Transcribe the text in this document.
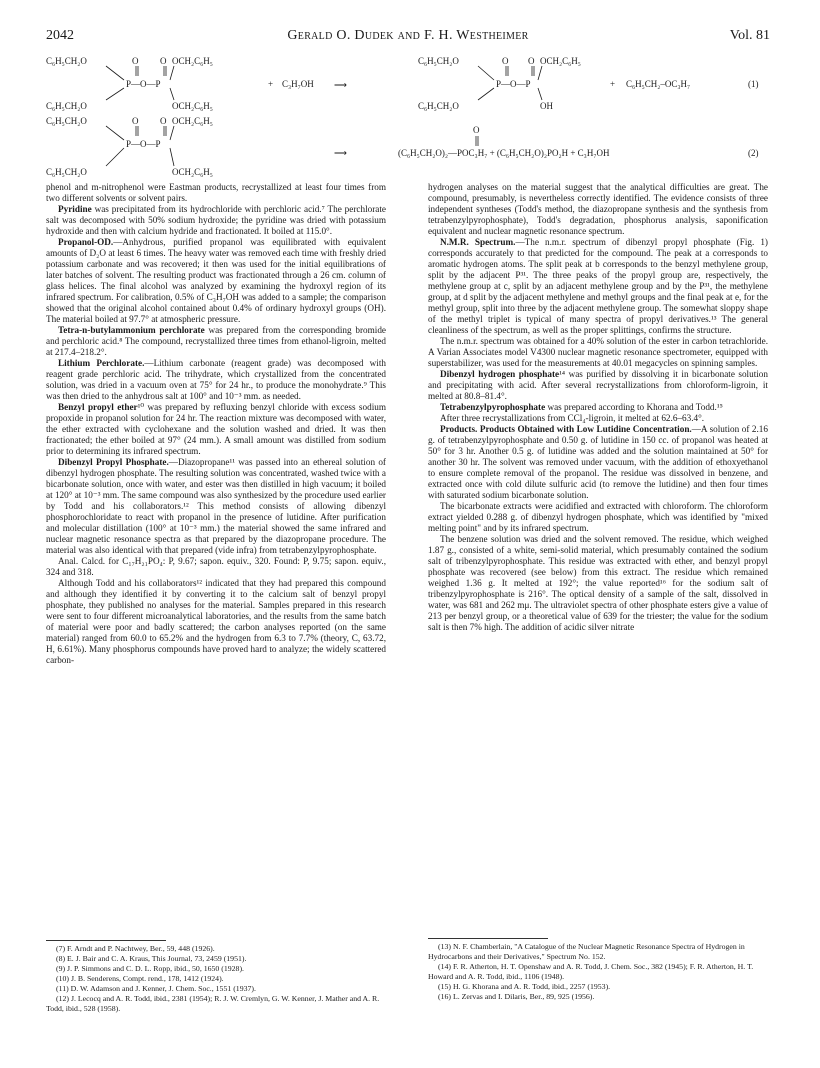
2042	Gerald O. Dudek and F. H. Westheimer	Vol. 81
C₆H₅CH₂O	O O OCH₂C₆H₅
P—O—P
C₆H₅CH₂O	OCH₂C₆H₅
+ C₃H₇OH ⟶
C₆H₅CH₂O	O O OCH₂C₆H₅
P—O—P
C₆H₅CH₂O	OH
+ C₆H₅CH₂–OC₃H₇	(1)
C₆H₅CH₂O	O O OCH₂C₆H₅
P—O—P
C₆H₅CH₂O	OCH₂C₆H₅
⟶
O
(C₆H₅CH₂O)₂—POC₃H₇ + (C₆H₅CH₂O)₂PO₂H + C₃H₇OH	(2)

phenol and m-nitrophenol were Eastman products, recrystallized at least four times from two different solvents or solvent pairs.

Pyridine was precipitated from its hydrochloride with perchloric acid.⁷ The perchlorate salt was decomposed with 50% sodium hydroxide; the pyridine was dried with potassium hydroxide and then with calcium hydride and fractionated. It boiled at 115.0°.

Propanol-OD.—Anhydrous, purified propanol was equilibrated with equivalent amounts of D₂O at least 6 times. The heavy water was removed each time with freshly dried potassium carbonate and was recovered; it then was used for the initial equilibrations of later batches of solvent. The resulting product was fractionated through a 26 cm. column of glass helices. The final alcohol was analyzed by examining the hydroxyl region of its infrared spectrum. For calibration, 0.5% of C₃H₇OH was added to a sample; the comparison showed that the original alcohol contained about 0.4% of ordinary hydroxyl groups (OH). The material boiled at 97.7° at atmospheric pressure.

Tetra-n-butylammonium perchlorate was prepared from the corresponding bromide and perchloric acid.⁸ The compound, recrystallized three times from ethanol-ligroin, melted at 217.4–218.2°.

Lithium Perchlorate.—Lithium carbonate (reagent grade) was decomposed with reagent grade perchloric acid. The trihydrate, which crystallized from the concentrated solution, was dried in a vacuum oven at 75° for 24 hr., to produce the monohydrate.⁹ This was then dried to the anhydrous salt at 100° and 10⁻³ mm. as needed.

Benzyl propyl ether¹⁰ was prepared by refluxing benzyl chloride with excess sodium propoxide in propanol solution for 24 hr. The reaction mixture was decomposed with water, the ether extracted with cyclohexane and the solution washed and dried. It was then fractionated; the ether boiled at 97° (24 mm.). A small amount was distilled from sodium prior to determining its infrared spectrum.

Dibenzyl Propyl Phosphate.—Diazopropane¹¹ was passed into an ethereal solution of dibenzyl hydrogen phosphate. The resulting solution was concentrated, washed twice with a bicarbonate solution, once with water, and ester was then distilled in high vacuum; it boiled at 120° at 10⁻³ mm. The same compound was also synthesized by the procedure used earlier by Todd and his collaborators.¹² This method consists of allowing dibenzyl phosphorochloridate to react with propanol in the presence of lutidine. After purification and molecular distillation (100° at 10⁻³ mm.) the material showed the same infrared and nuclear magnetic resonance spectra as that prepared by the diazopropane procedure. The material was also identical with that prepared (vide infra) from tetrabenzylpyrophosphate.

Anal. Calcd. for C₁₇H₂₁PO₄: P, 9.67; sapon. equiv., 320. Found: P, 9.75; sapon. equiv., 324 and 318.

Although Todd and his collaborators¹² indicated that they had prepared this compound and although they identified it by converting it to the calcium salt of benzyl propyl phosphate, they published no analyses for the material. Samples prepared in this research were sent to four different microanalytical laboratories, and the results from the same batch of material were poor and badly scattered; the carbon analyses reported (on the same material) ranged from 60.0 to 65.2% and the hydrogen from 6.3 to 7.7% (theory, C, 63.72, H, 6.61%). Many phosphorus compounds have proved hard to analyze; the widely scattered carbon-

hydrogen analyses on the material suggest that the analytical difficulties are great. The compound, presumably, is nevertheless correctly identified. The evidence consists of three independent syntheses (Todd's method, the diazopropane synthesis and the synthesis from tetrabenzylpyrophosphate), Todd's degradation, phosphorus analysis, saponification equivalent and nuclear magnetic resonance spectrum.

N.M.R. Spectrum.—The n.m.r. spectrum of dibenzyl propyl phosphate (Fig. 1) corresponds accurately to that predicted for the compound. The peak at a corresponds to aromatic hydrogen atoms. The split peak at b corresponds to the benzyl methylene group, split by the adjacent P³¹. The three peaks of the propyl group are, respectively, the methylene group at c, split by an adjacent methylene group and by the P³¹, the methylene group, at d split by the adjacent methylene and methyl groups and the final peak at e, for the methyl group, split into three by the adjacent methylene group. The somewhat sloppy shape of the methyl triplet is typical of many spectra of propyl derivatives.¹³ The general cleanliness of the spectrum, as well as the proper splittings, confirms the structure.

The n.m.r. spectrum was obtained for a 40% solution of the ester in carbon tetrachloride. A Varian Associates model V4300 nuclear magnetic resonance spectrometer, equipped with superstabilizer, was used for the measurements at 40.01 megacycles on spinning samples.

Dibenzyl hydrogen phosphate¹⁴ was purified by dissolving it in bicarbonate solution and precipitating with acid. After several recrystallizations from chloroform-ligroin, it melted at 80.8–81.4°.

Tetrabenzylpyrophosphate was prepared according to Khorana and Todd.¹⁵

After three recrystallizations from CCl₄-ligroin, it melted at 62.6–63.4°.

Products. Products Obtained with Low Lutidine Concentration.—A solution of 2.16 g. of tetrabenzylpyrophosphate and 0.50 g. of lutidine in 150 cc. of propanol was heated at 50° for 3 hr. Another 0.5 g. of lutidine was added and the solution maintained at 50° for another 30 hr. The solvent was removed under vacuum, with the addition of ethoxyethanol to ensure complete removal of the propanol. The residue was dissolved in benzene, and extracted once with cold dilute sulfuric acid (to remove the lutidine) and then four times with saturated sodium bicarbonate solution.

The bicarbonate extracts were acidified and extracted with chloroform. The chloroform extract yielded 0.288 g. of dibenzyl hydrogen phosphate, which was identified by "mixed melting point" and by its infrared spectrum.

The benzene solution was dried and the solvent removed. The residue, which weighed 1.87 g., consisted of a white, semi-solid material, which presumably contained the sodium salt of tribenzylpyrophosphate. This residue was extracted with ether, and benzyl propyl phosphate was recovered (see below) from this extract. The residue which remained weighed 1.36 g. It melted at 192°; the value reported¹⁶ for the sodium salt of tribenzylpyrophosphate is 216°. The optical density of a sample of the salt, dissolved in water, was 681 and 262 mμ. The ultraviolet spectra of other phosphate esters give a value of 213 per benzyl group, or a theoretical value of 639 for the triester; the value for the sodium salt is then 7% high. The addition of acidic silver nitrate

(7) F. Arndt and P. Nachtwey, Ber., 59, 448 (1926).

(8) E. J. Bair and C. A. Kraus, This Journal, 73, 2459 (1951).

(9) J. P. Simmons and C. D. L. Ropp, ibid., 50, 1650 (1928).

(10) J. B. Senderens, Compt. rend., 178, 1412 (1924).

(11) D. W. Adamson and J. Kenner, J. Chem. Soc., 1551 (1937).

(12) J. Lecocq and A. R. Todd, ibid., 2381 (1954); R. J. W. Cremlyn, G. W. Kenner, J. Mather and A. R. Todd, ibid., 528 (1958).

(13) N. F. Chamberlain, "A Catalogue of the Nuclear Magnetic Resonance Spectra of Hydrogen in Hydrocarbons and their Derivatives," Spectrum No. 152.

(14) F. R. Atherton, H. T. Openshaw and A. R. Todd, J. Chem. Soc., 382 (1945); F. R. Atherton, H. T. Howard and A. R. Todd, ibid., 1106 (1948).

(15) H. G. Khorana and A. R. Todd, ibid., 2257 (1953).

(16) L. Zervas and I. Dilaris, Ber., 89, 925 (1956).
